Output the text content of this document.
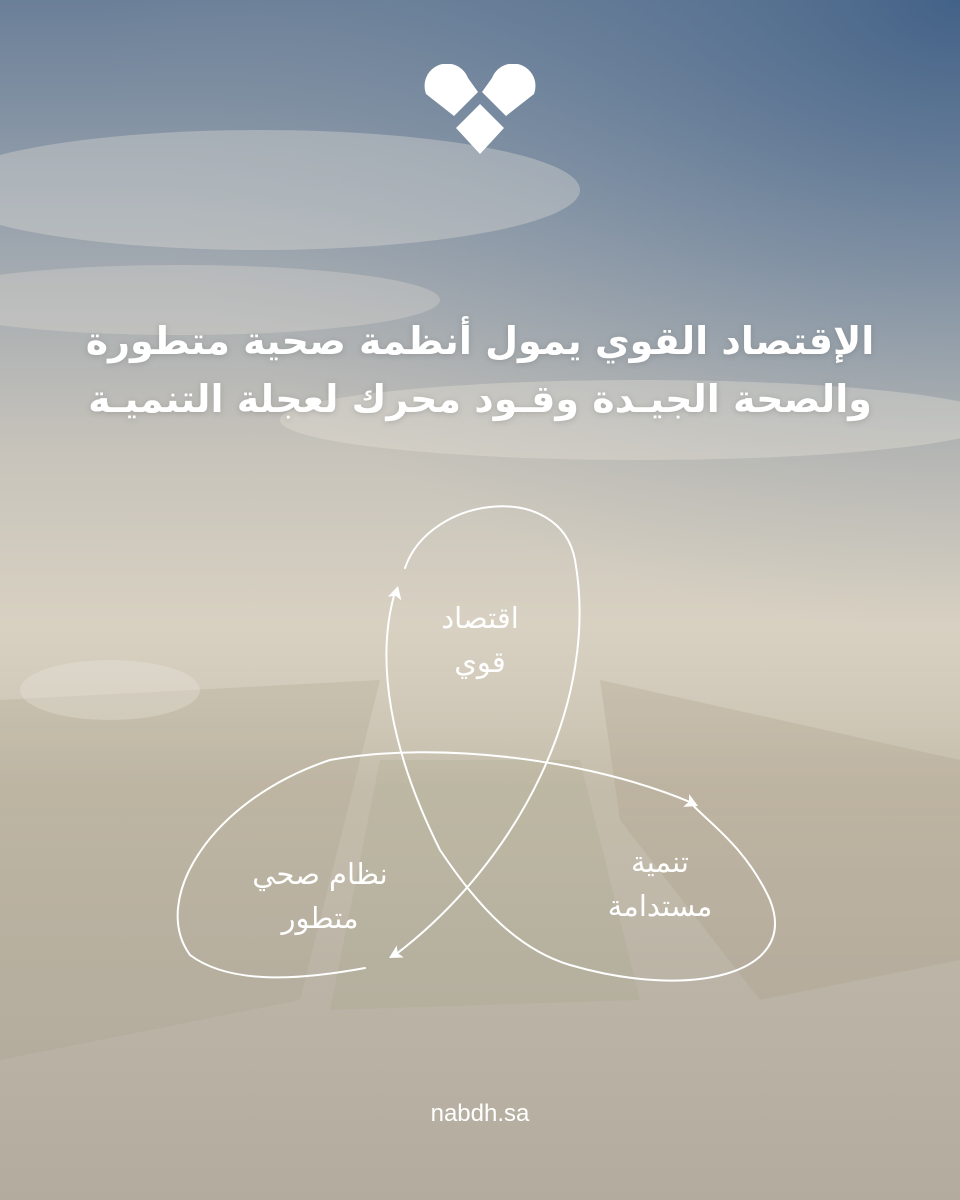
الإقتصاد القوي يمول أنظمة صحية متطورة
والصحة الجيـدة وقـود محرك لعجلة التنميـة
اقتصاد
قوي
تنمية
مستدامة
نظام صحي
متطور
nabdh.sa
